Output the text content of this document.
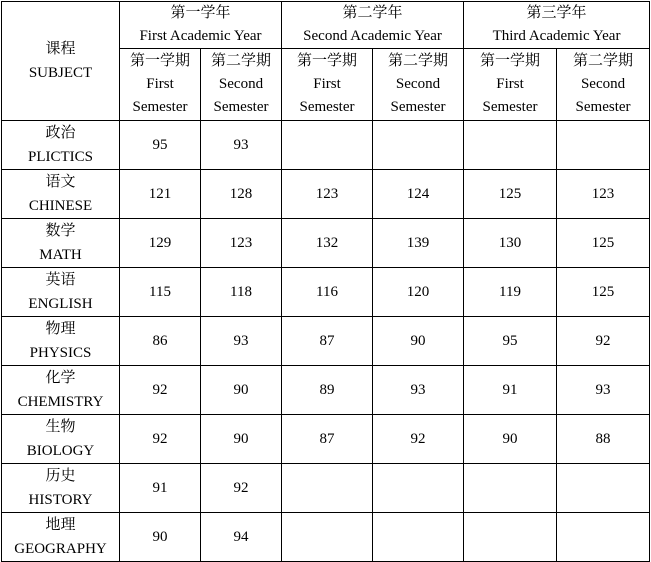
课程
SUBJECT	第一学年
First Academic Year		第二学年
Second Academic Year		第三学年
Third Academic Year	

	第一学期
First
Semester	第二学期
Second
Semester	第一学期
First
Semester	第二学期
Second
Semester	第一学期
First
Semester	第二学期
Second
Semester

政治
PLICTICS	95	93				

语文
CHINESE	121	128	123	124	125	123

数学
MATH	129	123	132	139	130	125

英语
ENGLISH	115	118	116	120	119	125

物理
PHYSICS	86	93	87	90	95	92

化学
CHEMISTRY	92	90	89	93	91	93

生物
BIOLOGY	92	90	87	92	90	88

历史
HISTORY	91	92				

地理
GEOGRAPHY	90	94				
